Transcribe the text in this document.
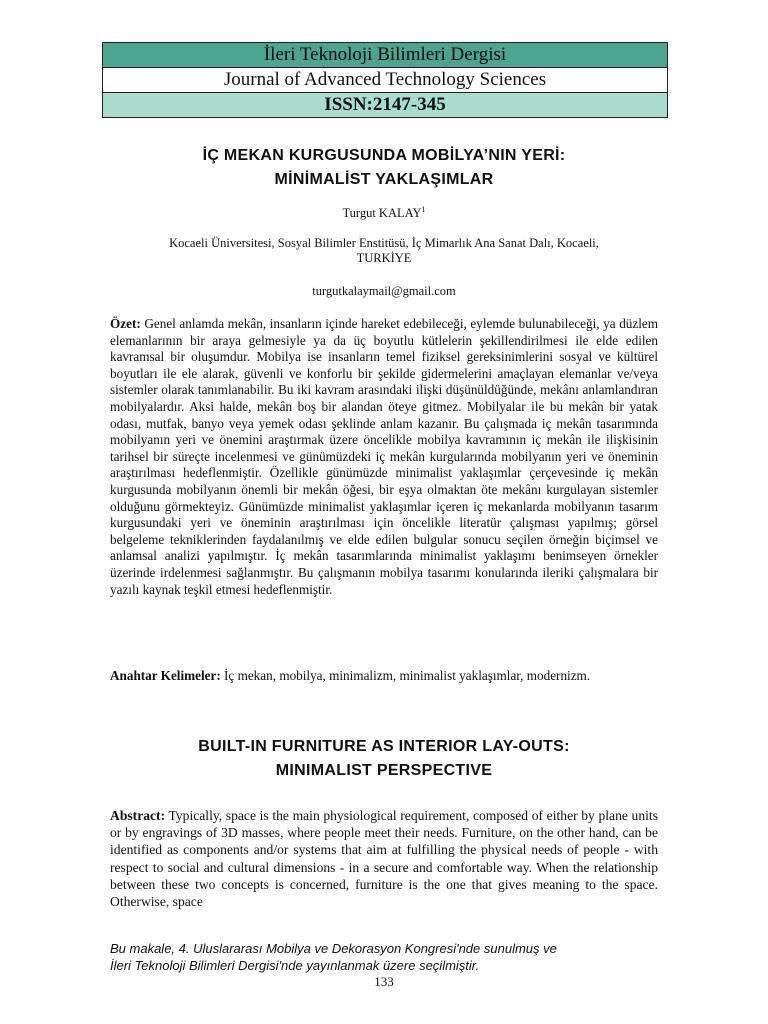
İleri Teknoloji Bilimleri Dergisi
Journal of Advanced Technology Sciences
ISSN:2147-345
İÇ MEKAN KURGUSUNDA MOBİLYA’NIN YERİ:
MİNİMALİST YAKLAŞIMLAR
Turgut KALAY$^1$
Kocaeli Üniversitesi, Sosyal Bilimler Enstitüsü, İç Mimarlık Ana Sanat Dalı, Kocaeli,
TURKİYE
turgutkalaymail@gmail.com

Özet: Genel anlamda mekân, insanların içinde hareket edebileceği, eylemde bulunabileceği, ya düzlem elemanlarının bir araya gelmesiyle ya da üç boyutlu kütlelerin şekillendirilmesi ile elde edilen kavramsal bir oluşumdur. Mobilya ise insanların temel fiziksel gereksinimlerini sosyal ve kültürel boyutları ile ele alarak, güvenli ve konforlu bir şekilde gidermelerini amaçlayan elemanlar ve/veya sistemler olarak tanımlanabilir. Bu iki kavram arasındaki ilişki düşünüldüğünde, mekânı anlamlandıran mobilyalardır. Aksi halde, mekân boş bir alandan öteye gitmez. Mobilyalar ile bu mekân bir yatak odası, mutfak, banyo veya yemek odası şeklinde anlam kazanır. Bu çalışmada iç mekân tasarımında mobilyanın yeri ve önemini araştırmak üzere öncelikle mobilya kavramının iç mekân ile ilişkisinin tarihsel bir süreçte incelenmesi ve günümüzdeki iç mekân kurgularında mobilyanın yeri ve öneminin araştırılması hedeflenmiştir. Özellikle günümüzde minimalist yaklaşımlar çerçevesinde iç mekân kurgusunda mobilyanın önemli bir mekân öğesi, bir eşya olmaktan öte mekânı kurgulayan sistemler olduğunu görmekteyiz. Günümüzde minimalist yaklaşımlar içeren iç mekanlarda mobilyanın tasarım kurgusundaki yeri ve öneminin araştırılması için öncelikle literatür çalışması yapılmış; görsel belgeleme tekniklerinden faydalanılmış ve elde edilen bulgular sonucu seçilen örneğin biçimsel ve anlamsal analizi yapılmıştır. İç mekân tasarımlarında minimalist yaklaşımı benimseyen örnekler üzerinde irdelenmesi sağlanmıştır. Bu çalışmanın mobilya tasarımı konularında ileriki çalışmalara bir yazılı kaynak teşkil etmesi hedeflenmiştir.

Anahtar Kelimeler: İç mekan, mobilya, minimalizm, minimalist yaklaşımlar, modernizm.

BUILT-IN FURNITURE AS INTERIOR LAY-OUTS:
MINIMALIST PERSPECTIVE

Abstract: Typically, space is the main physiological requirement, composed of either by plane units or by engravings of 3D masses, where people meet their needs. Furniture, on the other hand, can be identified as components and/or systems that aim at fulfilling the physical needs of people - with respect to social and cultural dimensions - in a secure and comfortable way. When the relationship between these two concepts is concerned, furniture is the one that gives meaning to the space. Otherwise, space

Bu makale, 4. Uluslararası Mobilya ve Dekorasyon Kongresi'nde sunulmuş ve
İleri Teknoloji Bilimleri Dergisi'nde yayınlanmak üzere seçilmiştir.
133
